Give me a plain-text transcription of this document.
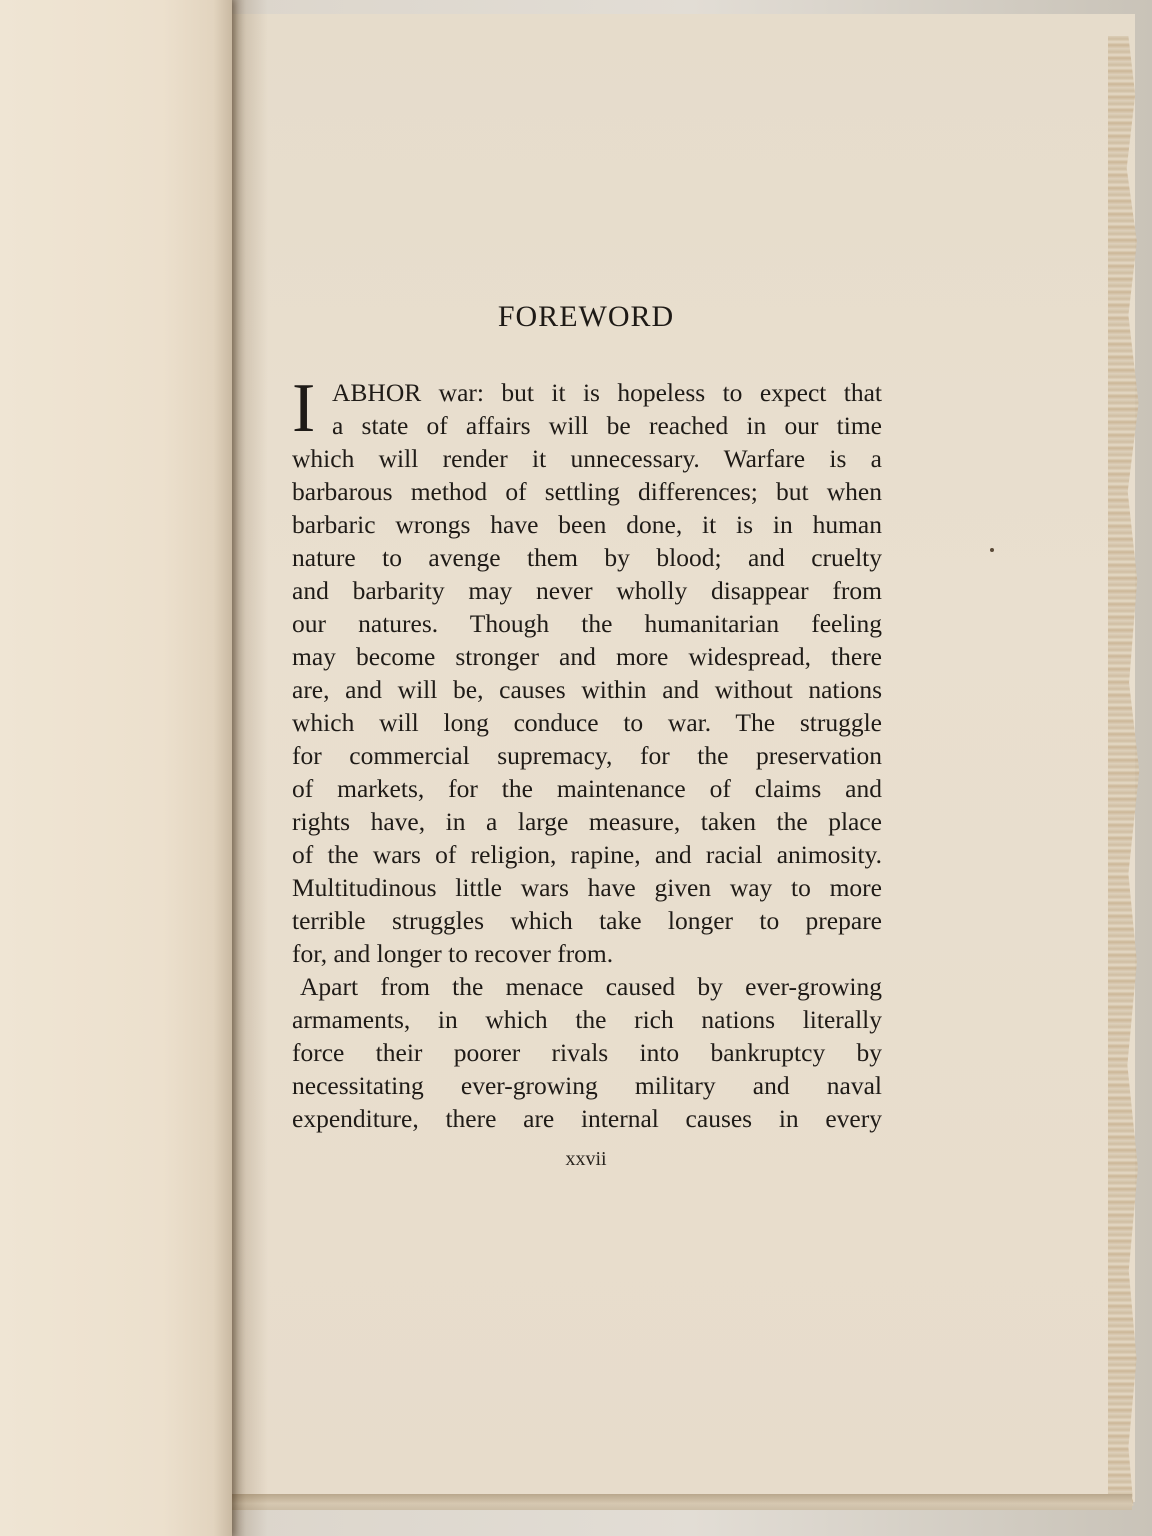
FOREWORD
I ABHOR war: but it is hopeless to expect that
a state of affairs will be reached in our time
which will render it unnecessary. Warfare is a
barbarous method of settling differences; but when
barbaric wrongs have been done, it is in human
nature to avenge them by blood; and cruelty
and barbarity may never wholly disappear from
our natures. Though the humanitarian feeling
may become stronger and more widespread, there
are, and will be, causes within and without nations
which will long conduce to war. The struggle
for commercial supremacy, for the preservation
of markets, for the maintenance of claims and
rights have, in a large measure, taken the place
of the wars of religion, rapine, and racial animosity.
Multitudinous little wars have given way to more
terrible struggles which take longer to prepare
for, and longer to recover from.
Apart from the menace caused by ever-growing
armaments, in which the rich nations literally
force their poorer rivals into bankruptcy by
necessitating ever-growing military and naval
expenditure, there are internal causes in every
xxvii
